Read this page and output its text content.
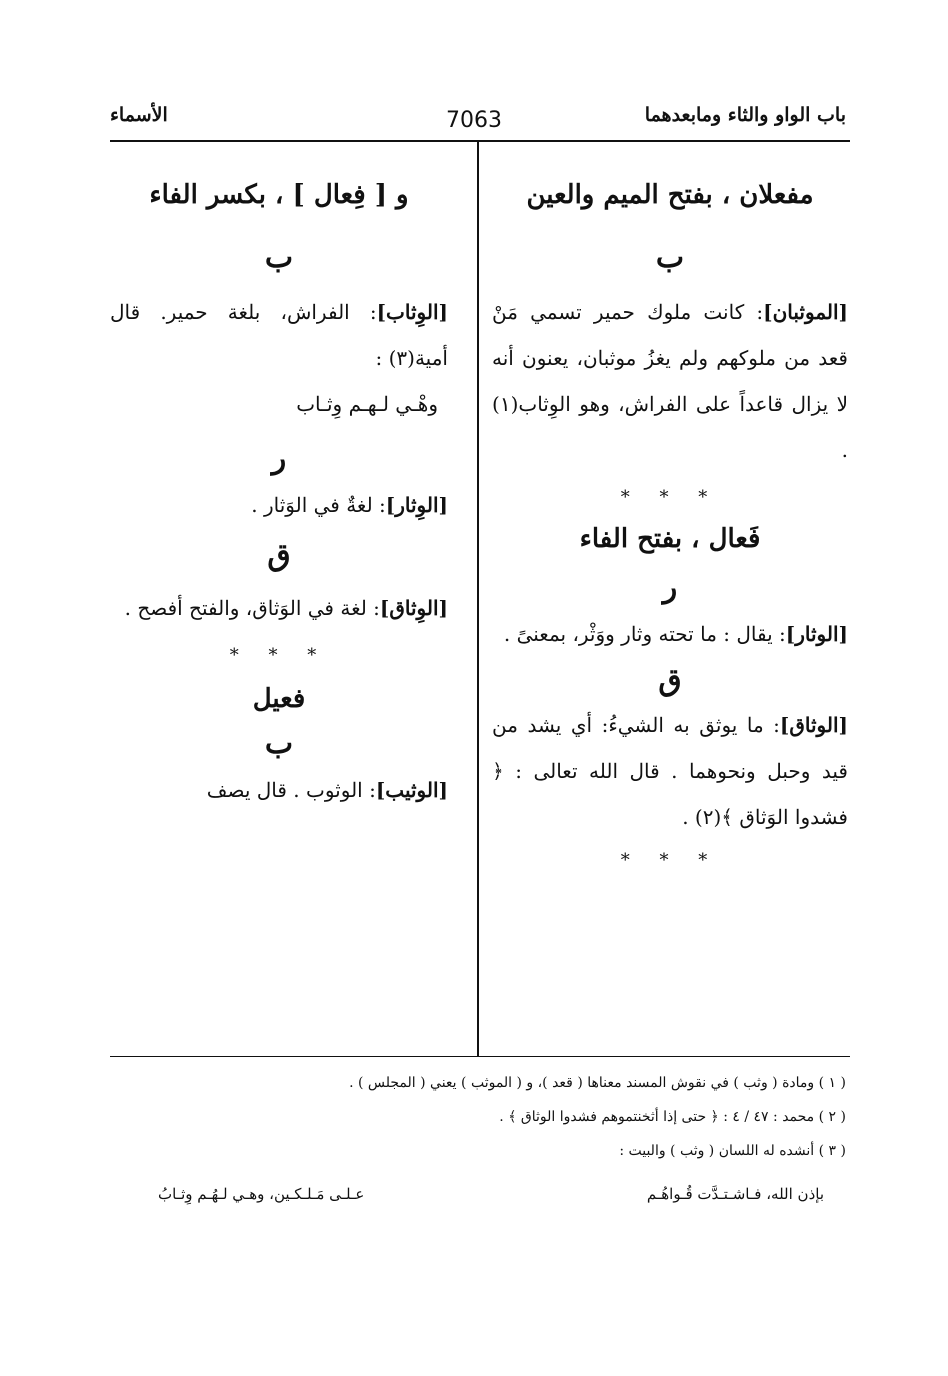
باب الواو والثاء ومابعدهما
7063
الأسماء
مفعلان ، بفتح الميم والعين
ب
[الموثبان]: كانت ملوك حمير تسمي مَنْ قعد من ملوكهم ولم يغزُ موثبان، يعنون أنه لا يزال قاعداً على الفراش، وهو الوِثاب(١) .
* * *
فَعال ، بفتح الفاء
ر
[الوثار]: يقال : ما تحته وثار ووَثْر، بمعنىً .
ق
[الوثاق]: ما يوثق به الشيءُ: أي يشد من قيد وحبل ونحوهما . قال الله تعالى : ﴿ فشدوا الوَثاق ﴾(٢) .
* * *
و [ فِعال ] ، بكسر الفاء
ب
[الوِثاب]: الفراش، بلغة حمير. قال أمية(٣) :
وهْـي لـهـم وِثـاب
ر
[الوِثار]: لغةٌ في الوَثار .
ق
[الوِثاق]: لغة في الوَثاق، والفتح أفصح .
* * *
فعيل
ب
[الوثيب]: الوثوب . قال يصف
( ١ ) ومادة ( وثب ) في نقوش المسند معناها ( قعد )، و ( الموثب ) يعني ( المجلس ) .
( ٢ ) محمد : ٤٧ / ٤ : ﴿ حتى إذا أثخنتموهم فشدوا الوثاق ﴾ .
( ٣ ) أنشده له اللسان ( وثب ) والبيت :
بإذن الله، فـاشـتـدَّت قُـواهُـم
عـلـى مَـلـكـين، وهـي لـهُـم وِثـابُ
